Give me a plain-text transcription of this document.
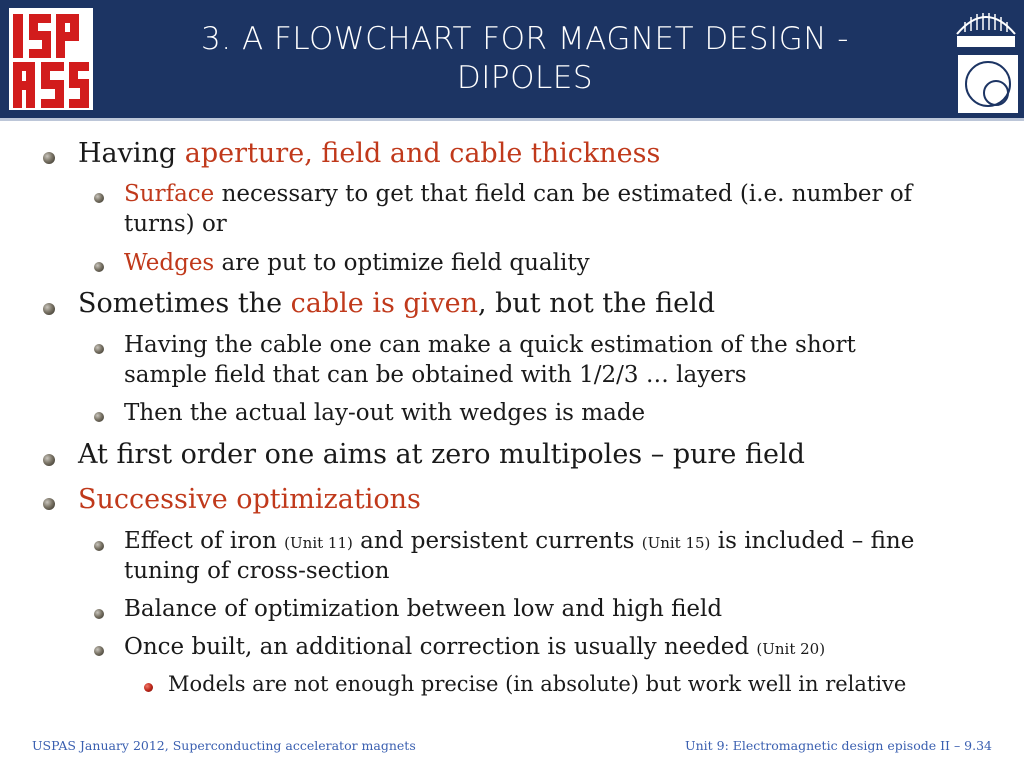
3. A FLOWCHART FOR MAGNET DESIGN -
DIPOLES
Having aperture, field and cable thickness
Surface necessary to get that field can be estimated (i.e. number of
turns) or
Wedges are put to optimize field quality
Sometimes the cable is given, but not the field
Having the cable one can make a quick estimation of the short
sample field that can be obtained with 1/2/3 … layers
Then the actual lay-out with wedges is made
At first order one aims at zero multipoles – pure field
Successive optimizations
Effect of iron (Unit 11) and persistent currents (Unit 15) is included – fine
tuning of cross-section
Balance of optimization between low and high field
Once built, an additional correction is usually needed (Unit 20)
Models are not enough precise (in absolute) but work well in relative
USPAS January 2012, Superconducting accelerator magnets	Unit 9: Electromagnetic design episode II – 9.34
